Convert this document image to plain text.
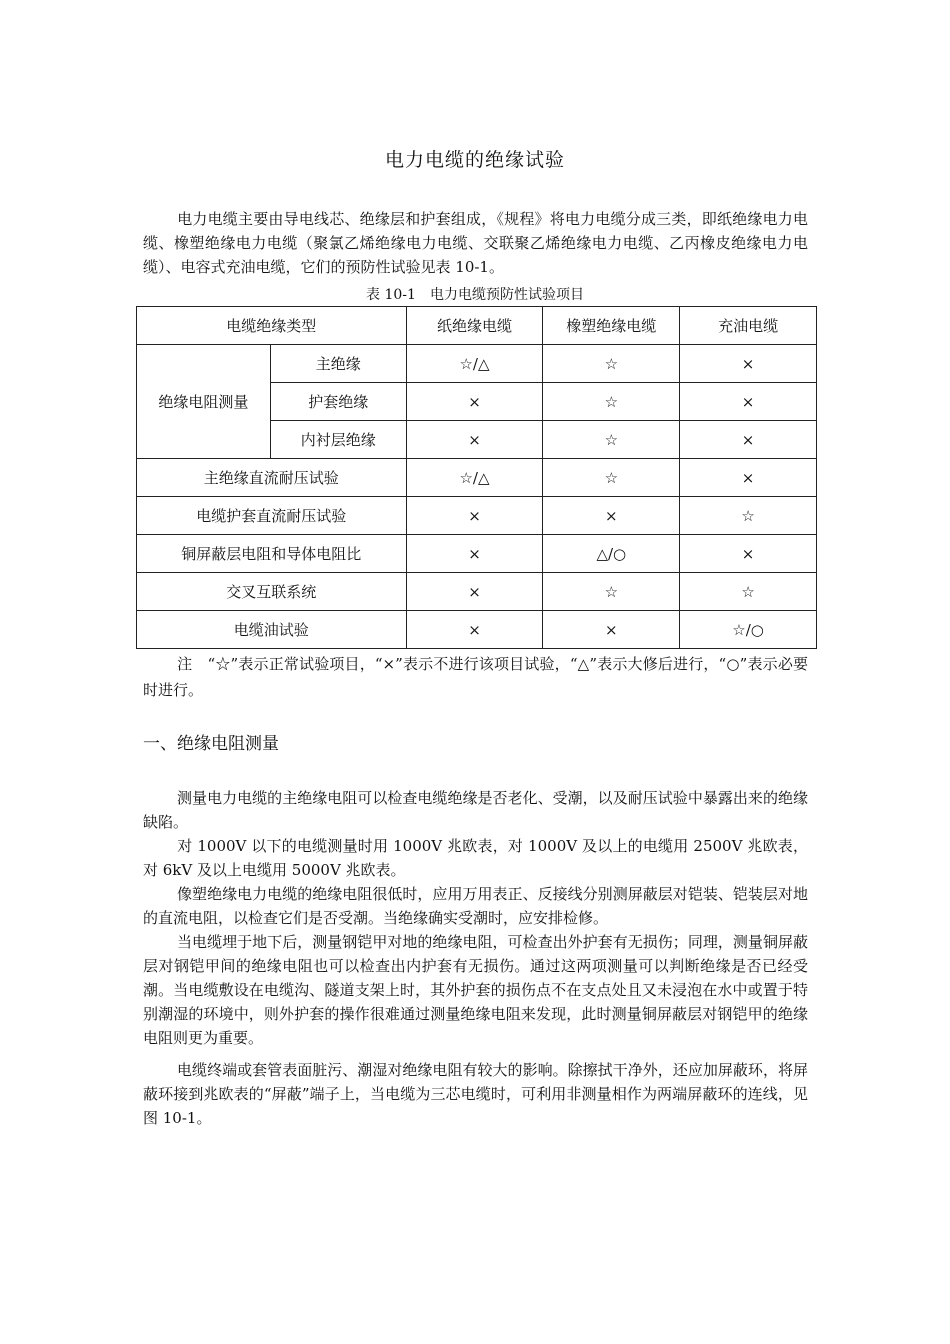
电力电缆的绝缘试验

电力电缆主要由导电线芯、绝缘层和护套组成，《规程》将电力电缆分成三类，即纸绝缘电力电缆、橡塑绝缘电力电缆（聚氯乙烯绝缘电力电缆、交联聚乙烯绝缘电力电缆、乙丙橡皮绝缘电力电缆）、电容式充油电缆，它们的预防性试验见表 10-1。

表 10-1　电力电缆预防性试验项目
电缆绝缘类型		纸绝缘电缆	橡塑绝缘电缆	充油电缆
绝缘电阻测量	主绝缘	☆/△	☆	×
	护套绝缘	×	☆	×
	内衬层绝缘	×	☆	×
主绝缘直流耐压试验		☆/△	☆	×
电缆护套直流耐压试验		×	×	☆
铜屏蔽层电阻和导体电阻比		×	△/○	×
交叉互联系统		×	☆	☆
电缆油试验		×	×	☆/○
注　“☆”表示正常试验项目，“×”表示不进行该项目试验，“△”表示大修后进行，“○”表示必要时进行。
一、绝缘电阻测量

测量电力电缆的主绝缘电阻可以检查电缆绝缘是否老化、受潮，以及耐压试验中暴露出来的绝缘缺陷。

对 1000V 以下的电缆测量时用 1000V 兆欧表，对 1000V 及以上的电缆用 2500V 兆欧表，对 6kV 及以上电缆用 5000V 兆欧表。

像塑绝缘电力电缆的绝缘电阻很低时，应用万用表正、反接线分别测屏蔽层对铠装、铠装层对地的直流电阻，以检查它们是否受潮。当绝缘确实受潮时，应安排检修。

当电缆埋于地下后，测量钢铠甲对地的绝缘电阻，可检查出外护套有无损伤；同理，测量铜屏蔽层对钢铠甲间的绝缘电阻也可以检查出内护套有无损伤。通过这两项测量可以判断绝缘是否已经受潮。当电缆敷设在电缆沟、隧道支架上时，其外护套的损伤点不在支点处且又未浸泡在水中或置于特别潮湿的环境中，则外护套的操作很难通过测量绝缘电阻来发现，此时测量铜屏蔽层对钢铠甲的绝缘电阻则更为重要。

电缆终端或套管表面脏污、潮湿对绝缘电阻有较大的影响。除擦拭干净外，还应加屏蔽环，将屏蔽环接到兆欧表的“屏蔽”端子上，当电缆为三芯电缆时，可利用非测量相作为两端屏蔽环的连线，见图 10-1。
